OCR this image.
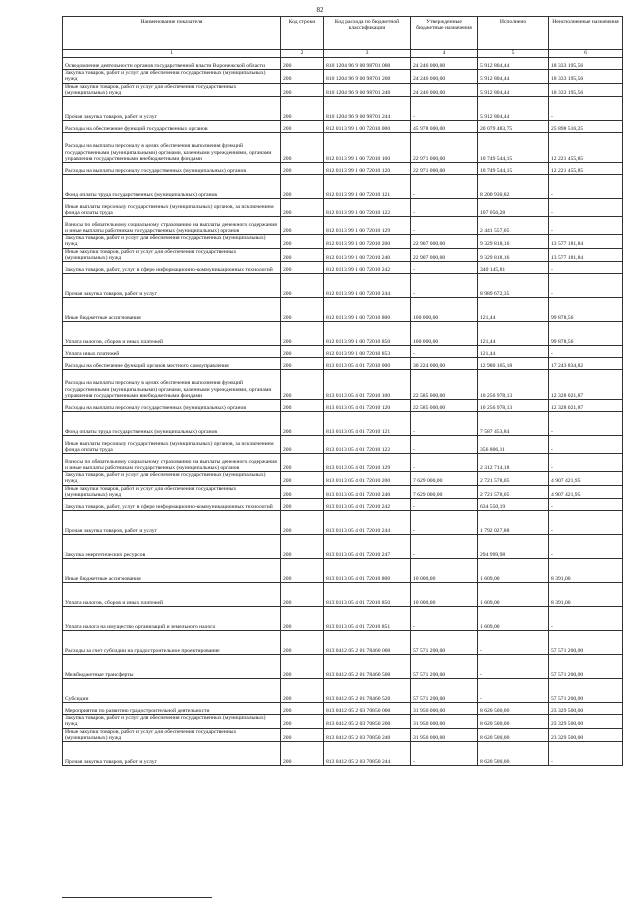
82
Наименование показателя	Код строки	Код расхода по бюджетной классификации	Утвержденные бюджетные назначения	Исполнено	Неисполненные назначения
1	2	3	4	5	6
Осведомление деятельности органов государственной власти Воронежской области	200	810 1204 96 9 00 98701 000	24 246 000,00	5 912 804,44	18 333 195,56
Закупка товаров, работ и услуг для обеспечения государственных (муниципальных) нужд	200	810 1204 96 9 00 98701 200	24 246 000,00	5 912 804,44	18 333 195,56
Иные закупки товаров, работ и услуг для обеспечения государственных (муниципальных) нужд	200	810 1204 96 9 00 98701 240	24 246 000,00	5 912 804,44	18 333 195,56
Прочая закупка товаров, работ и услуг	200	810 1204 96 9 00 98701 244	-	5 912 804,44	-
Расходы на обеспечение функций государственных органов	200	812 0113 99 1 00 72010 000	45 978 000,00	20 079 483,75	25 898 516,25
Расходы на выплаты персоналу в целях обеспечения выполнения функций государственными (муниципальными) органами, казенными учреждениями, органами управления государственными внебюджетными фондами	200	812 0113 99 1 00 72010 100	22 971 000,00	10 749 544,15	12 221 455,85
Расходы на выплаты персоналу государственных (муниципальных) органов	200	812 0113 99 1 00 72010 120	22 971 000,00	10 749 544,15	12 221 455,85
Фонд оплаты труда государственных (муниципальных) органов	200	812 0113 99 1 00 72010 121	-	8 200 930,82	-
Иные выплаты персоналу государственных (муниципальных) органов, за исключением фонда оплаты труда	200	812 0113 99 1 00 72010 122	-	107 056,28	-
Взносы по обязательному социальному страхованию на выплаты денежного содержания и иные выплаты работникам государственных (муниципальных) органов	200	812 0113 99 1 00 72010 129	-	2 441 557,05	-
Закупка товаров, работ и услуг для обеспечения государственных (муниципальных) нужд	200	812 0113 99 1 00 72010 200	22 907 000,00	9 329 818,16	13 577 181,84
Иные закупки товаров, работ и услуг для обеспечения государственных (муниципальных) нужд	200	812 0113 99 1 00 72010 240	22 907 000,00	9 329 818,16	13 577 181,84
Закупка товаров, работ, услуг в сфере информационно-коммуникационных технологий	200	812 0113 99 1 00 72010 242	-	340 145,81	-
Прочая закупка товаров, работ и услуг	200	812 0113 99 1 00 72010 244	-	8 989 672,35	-
Иные бюджетные ассигнования	200	812 0113 99 1 00 72010 800	100 000,00	121,44	99 878,56
Уплата налогов, сборов и иных платежей	200	812 0113 99 1 00 72010 850	100 000,00	121,44	99 878,56
Уплата иных платежей	200	812 0113 99 1 00 72010 853	-	121,44	-
Расходы на обеспечение функций органов местного самоуправления	200	813 0113 05 4 01 72010 000	30 224 000,00	12 980 165,18	17 243 834,82
Расходы на выплаты персоналу в целях обеспечения выполнения функций государственными (муниципальными) органами, казенными учреждениями, органами управления государственными внебюджетными фондами	200	813 0113 05 4 01 72010 100	22 585 000,00	10 256 978,13	12 328 021,87
Расходы на выплаты персоналу государственных (муниципальных) органов	200	813 0113 05 4 01 72010 120	22 585 000,00	10 256 978,13	12 328 021,87
Фонд оплаты труда государственных (муниципальных) органов	200	813 0113 05 4 01 72010 121	-	7 587 453,84	-
Иные выплаты персоналу государственных (муниципальных) органов, за исключением фонда оплаты труда	200	813 0113 05 4 01 72010 122	-	356 806,11	-
Взносы по обязательному социальному страхованию на выплаты денежного содержания и иные выплаты работникам государственных (муниципальных) органов	200	813 0113 05 4 01 72010 129	-	2 312 714,18	-
Закупка товаров, работ и услуг для обеспечения государственных (муниципальных) нужд	200	813 0113 05 4 01 72010 200	7 629 000,00	2 721 578,05	4 907 421,95
Иные закупки товаров, работ и услуг для обеспечения государственных (муниципальных) нужд	200	813 0113 05 4 01 72010 240	7 629 000,00	2 721 578,05	4 907 421,95
Закупка товаров, работ, услуг в сфере информационно-коммуникационных технологий	200	813 0113 05 4 01 72010 242	-	634 550,19	-
Прочая закупка товаров, работ и услуг	200	813 0113 05 4 01 72010 244	-	1 792 027,88	-
Закупка энергетических ресурсов	200	813 0113 05 4 01 72010 247	-	294 999,98	-
Иные бюджетные ассигнования	200	813 0113 05 4 01 72010 800	10 000,00	1 609,00	8 391,00
Уплата налогов, сборов и иных платежей	200	813 0113 05 4 01 72010 850	10 000,00	1 609,00	8 391,00
Уплата налога на имущество организаций и земельного налога	200	813 0113 05 4 01 72010 851	-	1 609,00	-
Расходы за счет субсидии на градостроительное проектирование	200	813 0412 05 2 01 78460 000	57 571 200,00	-	57 571 200,00
Межбюджетные трансферты	200	813 0412 05 2 01 78460 500	57 571 200,00	-	57 571 200,00
Субсидии	200	813 0412 05 2 01 78460 520	57 571 200,00	-	57 571 200,00
Мероприятия по развитию градостроительной деятельности	200	813 0412 05 2 03 70850 000	31 950 000,00	8 620 500,00	23 329 500,00
Закупка товаров, работ и услуг для обеспечения государственных (муниципальных) нужд	200	813 0412 05 2 03 70850 200	31 950 000,00	8 620 500,00	23 329 500,00
Иные закупки товаров, работ и услуг для обеспечения государственных (муниципальных) нужд	200	813 0412 05 2 03 70850 240	31 950 000,00	8 620 500,00	23 329 500,00
Прочая закупка товаров, работ и услуг	200	813 0412 05 2 03 70850 244	-	8 620 500,00	-
